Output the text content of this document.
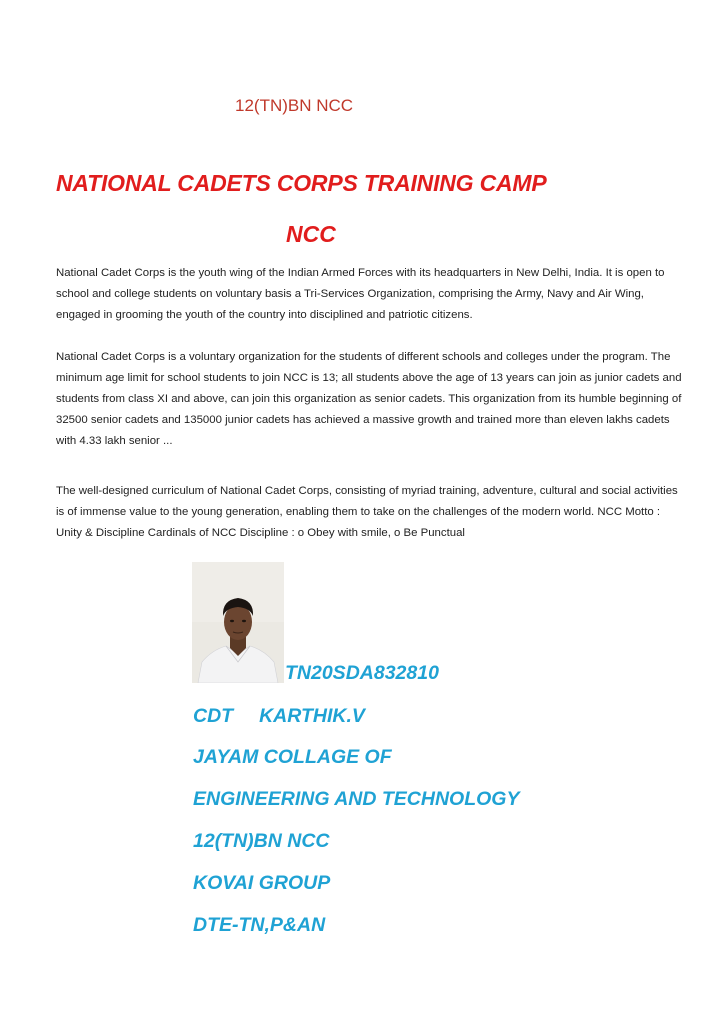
12(TN)BN NCC
NATIONAL CADETS CORPS TRAINING CAMP
NCC

National Cadet Corps is the youth wing of the Indian Armed Forces with its headquarters in New Delhi, India. It is open to school and college students on voluntary basis a Tri-Services Organization, comprising the Army, Navy and Air Wing, engaged in grooming the youth of the country into disciplined and patriotic citizens.

National Cadet Corps is a voluntary organization for the students of different schools and colleges under the program. The minimum age limit for school students to join NCC is 13; all students above the age of 13 years can join as junior cadets and students from class XI and above, can join this organization as senior cadets. This organization from its humble beginning of 32500 senior cadets and 135000 junior cadets has achieved a massive growth and trained more than eleven lakhs cadets with 4.33 lakh senior ...

The well-designed curriculum of National Cadet Corps, consisting of myriad training, adventure, cultural and social activities is of immense value to the young generation, enabling them to take on the challenges of the modern world. NCC Motto : Unity & Discipline Cardinals of NCC Discipline : o Obey with smile, o Be Punctual

TN20SDA832810
CDT KARTHIK.V
JAYAM COLLAGE OF
ENGINEERING AND TECHNOLOGY
12(TN)BN NCC
KOVAI GROUP
DTE-TN,P&AN
